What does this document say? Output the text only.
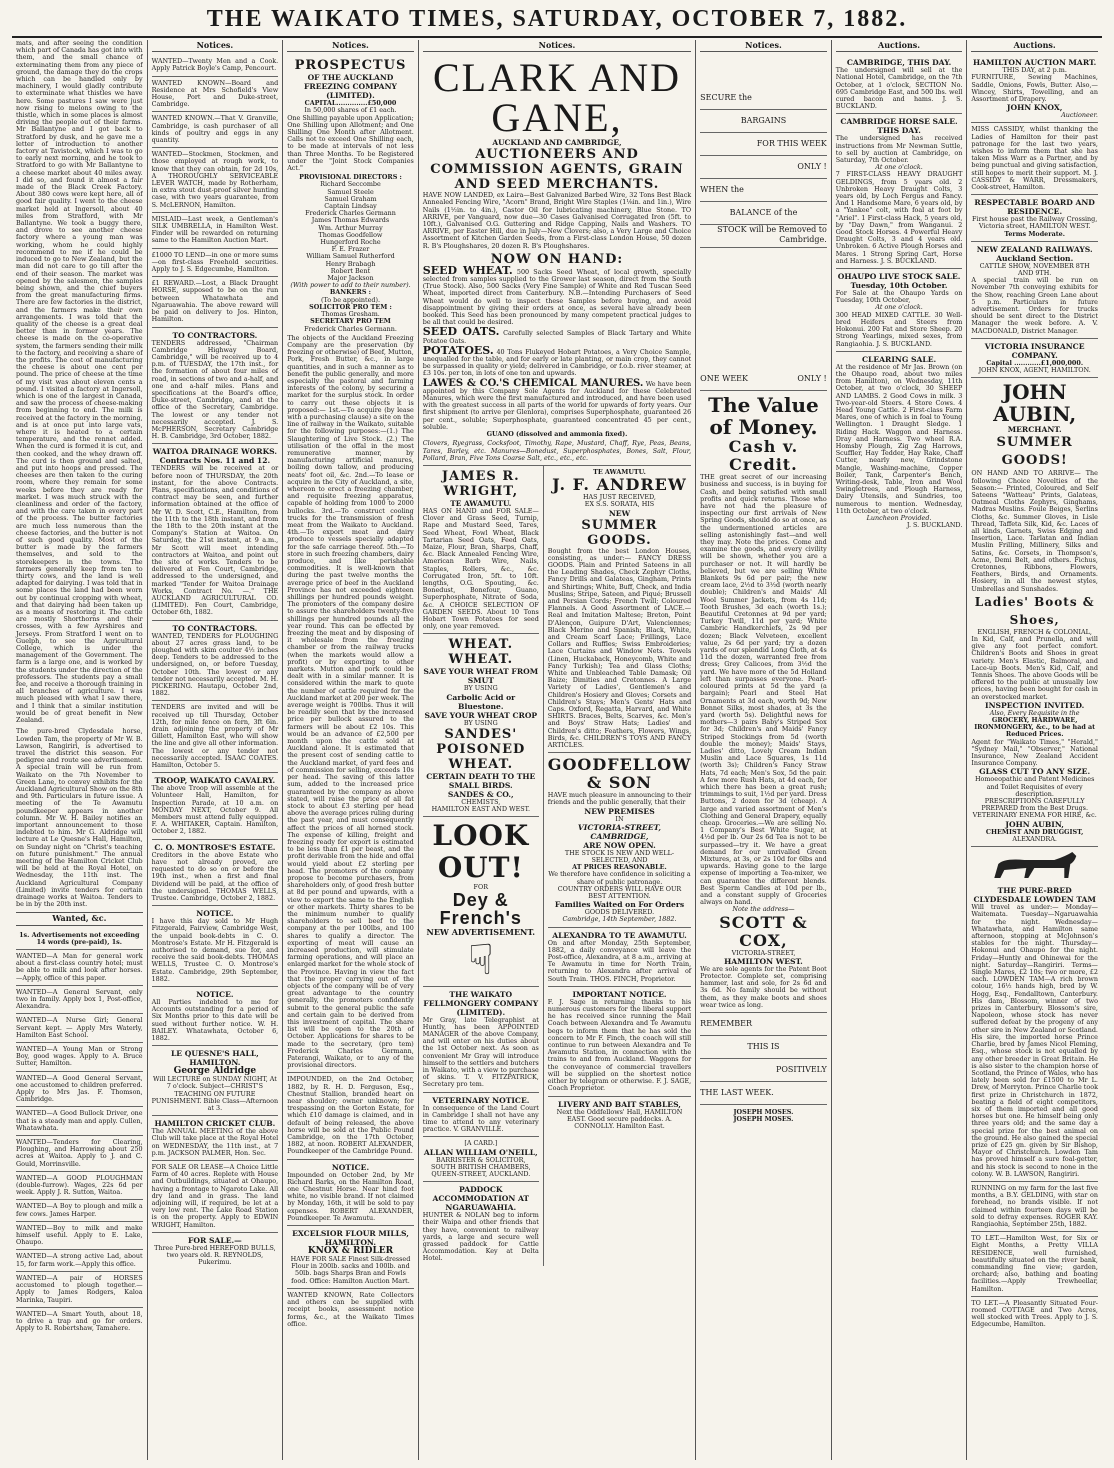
THE WAIKATO TIMES, SATURDAY, OCTOBER 7, 1882.
mats, and after seeing the condition which part of Canada has got into with them, and the small chance of exterminating them from any piece of ground, the damage they do the crops which can be handled only by machinery, I would gladly contribute to exterminate what thistles we have here. Some pastures I saw were just now rising to melons owing to the thistle, which in some places is almost driving the people out of their farms. Mr Ballantyne and I got back to Stratford by dusk, and he gave me a letter of introduction to another factory at Tavistock, which I was to go to early next morning, and he took to Stratford to go with Mr Ballantyne to a cheese market about 40 miles away. I did so, and found it almost a fair made of the Black Creek Factory. About 380 cows were kept here, all of good fair quality. I went to the cheese market held at Ingersoll, about 40 miles from Stratford, with Mr Ballantyne. We took a buggy there, and drove to see another cheese factory where a young man was working, whom he could highly recommend to me if he could be induced to go to New Zealand, but the man did not care to go till after the end of their season. The market was opened by the salesmen, the samples being shown, and the chief buyers from the great manufacturing firms. There are few factories in the district, and the farmers make their own arrangements. I was told that the quality of the cheese is a great deal better than in former years. The cheese is made on the co-operative system, the farmers sending their milk to the factory, and receiving a share of the profits. The cost of manufacturing the cheese is about one cent per pound. The price of cheese at the time of my visit was about eleven cents a pound. I visited a factory at Ingersoll, which is one of the largest in Canada, and saw the process of cheese-making from beginning to end. The milk is received at the factory in the morning, and is at once put into large vats, where it is heated to a certain temperature, and the rennet added. When the curd is formed it is cut, and then cooked, and the whey drawn off. The curd is then ground and salted, and put into hoops and pressed. The cheeses are then taken to the curing room, where they remain for some weeks before they are ready for market. I was much struck with the cleanliness and order of the factory, and with the care taken in every part of the process. The butter factories are much less numerous than the cheese factories, and the butter is not of such good quality. Most of the butter is made by the farmers themselves, and sold to the storekeepers in the towns. The farmers generally keep from ten to thirty cows, and the land is well adapted for dairying. I was told that in some places the land had been worn out by continual cropping with wheat, and that dairying had been taken up as a means of restoring it. The cattle are mostly Shorthorns and their crosses, with a few Ayrshires and Jerseys. From Stratford I went on to Guelph, to see the Agricultural College, which is under the management of the Government. The farm is a large one, and is worked by the students under the direction of the professors. The students pay a small fee, and receive a thorough training in all branches of agriculture. I was much pleased with what I saw there, and I think that a similar institution would be of great benefit in New Zealand.
The pure-bred Clydesdale horse, Lowden Tam, the property of Mr W. B. Lawson, Rangiriri, is advertised to travel the district this season. For pedigree and route see advertisement. A special train will be run from Waikato on the 7th November to Green Lane, to convey exhibits for the Auckland Agricultural Show on the 8th and 9th. Particulars in future issue. A meeting of the Te Awamutu poundkeeper appears in another column. Mr W. H. Bailey notifies an important announcement to those indebted to him. Mr G. Aldridge will lecture at Le Quesne's Hall, Hamilton, on Sunday night on "Christ's teaching on future punishment." The annual meeting of the Hamilton Cricket Club will be held at the Royal Hotel, on Wednesday, the 11th inst. The Auckland Agricultural Company (Limited) invite tenders for certain drainage works at Waitoa. Tenders to be in by the 20th inst.
Wanted, &c.
1s. Advertisements not exceeding 14 words (pre-paid), 1s.
WANTED—A Man for general work about a first-class country hotel; must be able to milk and look after horses.—Apply, office of this paper.
WANTED—A General Servant, only two in family. Apply box 1, Post-office, Alexandra.
WANTED—A Nurse Girl; General Servant kept. — Apply Mrs Waterly, Hamilton East School.
WANTED—A Young Man or Strong Boy, good wages. Apply to A. Bruce Sutter, Hamilton.
WANTED—A Good General Servant, one accustomed to children preferred. Apply to Mrs Jas. F. Thomson, Cambridge.
WANTED—A Good Bullock Driver, one that is a steady man and apply. Cullen, Whatawhata.
WANTED—Tenders for Clearing, Ploughing, and Harrowing about 250 acres at Waitoa. Apply to J. and C. Gould, Morrinsville.
WANTED—A GOOD PLOUGHMAN (double-furrow). Wages, 22s 6d per week. Apply J. R. Sutton, Waitoa.
WANTED—A Boy to plough and milk a few cows. James Harper.
WANTED—Boy to milk and make himself useful. Apply to E. Lake, Ohaupo.
WANTED—A strong active Lad, about 15, for farm work.—Apply this office.
WANTED—A pair of HORSES accustomed to plough together.—Apply to James Rodgers, Kaloa Marinka, Taupiri.
WANTED—A Smart Youth, about 18, to drive a trap and go for orders. Apply to R. Robertshaw, Tamahere.
Notices.
WANTED—Twenty Men and a Cook. Apply Patrick Boyle's Camp, Pencourt.
WANTED KNOWN—Board and Residence at Mrs Schofield's View House, Port and Duke-street, Cambridge.
WANTED KNOWN.—That V. Granville, Cambridge, is cash purchaser of all kinds of poultry and eggs in any quantity.
WANTED—Stockmen, Stockmen, and those employed at rough work, to know that they can obtain, for 2d 10s, A THOROUGHLY SERVICEABLE LEVER WATCH, made by Rotherham, in extra stout dust-proof silver hunting case, with two years guarantee, from S. McLERNON, Hamilton.
MISLAID—Last week, a Gentleman's SILK UMBRELLA, in Hamilton West. Finder will be rewarded on returning same to the Hamilton Auction Mart.
£1000 TO LEND—in one or more sums—on first-class Freehold securities. Apply to J. S. Edgecumbe, Hamilton.
£1 REWARD.—Lost, a Black Draught HORSE, supposed to be on the run between Whatawhata and Ngaruawahia. The above reward will be paid on delivery to Jos. Hinton, Hamilton.
TO CONTRACTORS.
TENDERS addressed, "Chairman Cambridge Highway Board, Cambridge," will be received up to 4 p.m. of TUESDAY, the 17th inst., for the formation of about four miles of road, in sections of two and a-half, and one and a-half miles. Plans and specifications at the Board's office, Duke-street, Cambridge, and at the office of the Secretary, Cambridge. The lowest or any tender not necessarily accepted. J. S. McPHERSON, Secretary Cambridge H. B. Cambridge, 3rd October, 1882.
WAITOA DRAINAGE WORKS.
Contracts Nos. 11 and 12.
TENDERS will be received at or before noon of THURSDAY, the 20th instant, for the above Contracts. Plans, specifications, and conditions of contract may be seen, and further information obtained at the office of Mr W. D. Scott, C.E., Hamilton, from the 11th to the 18th instant, and from the 18th to the 20th instant at the Company's Station at Waitoa. On Saturday, the 21st instant, at 9 a.m., Mr Scott will meet intending contractors at Waitoa, and point out the site of works. Tenders to be delivered at Fen Court, Cambridge, addressed to the undersigned, and marked "Tender for Waitoa Drainage Works, Contract No. —." THE AUCKLAND AGRICULTURAL CO. (LIMITED). Fen Court, Cambridge, October 6th, 1882.
TO CONTRACTORS.
WANTED, TENDERS for PLOUGHING about 27 acres grass land, to be ploughed with skim coulter 4½ inches deep. Tenders to be addressed to the undersigned, on, or before Tuesday, October 10th. The lowest or any tender not necessarily accepted. M. H. PICKERING. Hautapu, October 2nd, 1882.
TENDERS are invited and will be received up till Thursday, October 12th, for mile fence on fern, 3ft 6in. drain adjoining the property of Mr Gillett, Hamilton East, who will show the line and give all other information. The lowest or any tender not necessarily accepted. ISAAC COATES. Hamilton, October 5.
TROOP, WAIKATO CAVALRY.
The above Troop will assemble at the Volunteer Hall, Hamilton, for Inspection Parade, at 10 a.m. on MONDAY NEXT, October 9. All Members must attend fully equipped. F. A. WHITAKER, Captain. Hamilton, October 2, 1882.
C. O. MONTROSE'S ESTATE.
Creditors in the above Estate who have not already proved, are requested to do so on or before the 19th inst., when a first and final Dividend will be paid, at the office of the undersigned. THOMAS WELLS, Trustee. Cambridge, October 2, 1882.
NOTICE.
I have this day sold to Mr Hugh Fitzgerald, Fairview, Cambridge West, the unpaid book-debts in C. O. Montrose's Estate. Mr H. Fitzgerald is authorised to demand, sue for, and receive the said book-debts. THOMAS WELLS, Trustee C. O. Montrose's Estate. Cambridge, 29th September, 1882.
NOTICE.
All Parties indebted to me for Accounts outstanding for a period of Six Months prior to this date will be sued without further notice. W. H. BAILEY. Whatawhata, October 6, 1882.
LE QUESNE'S HALL, HAMILTON.
George Aldridge
Will LECTURE on SUNDAY NIGHT, At 7 o'clock. Subject—CHRIST'S TEACHING ON FUTURE PUNISHMENT. Bible Class—Afternoon at 3.
HAMILTON CRICKET CLUB.
The ANNUAL MEETING of the above Club will take place at the Royal Hotel on WEDNESDAY, the 11th inst., at 7 p.m. JACKSON PALMER, Hon. Sec.
FOR SALE OR LEASE—A Choice Little Farm of 40 acres. Replete with House and Outbuildings, situated at Ohaupo, having a frontage to Ngaroto Lake. All dry land and in grass. The land adjoining will, if required, be let at a very low rent. The Lake Road Station is on the property. Apply to EDWIN WRIGHT, Hamilton.
FOR SALE.—
Three Pure-bred HEREFORD BULLS, two years old. R. REYNOLDS, Pukerimu.
Notices.
PROSPECTUS
OF THE AUCKLAND FREEZING COMPANY (LIMITED).
CAPITAL..............£50,000
In 50,000 shares of £1 each.
One Shilling payable upon Application; One Shilling upon Allotment; and One Shilling One Month after Allotment. Calls not to exceed One Shilling each, to be made at intervals of not less than Three Months. To be Registered under the "Joint Stock Companies Act."
PROVISIONAL DIRECTORS :
Richard Seccombe
Samuel Steele
Samuel Graham
Captain Lindsay
Frederick Charles Germann
James Thomas Edwards
Wm. Arthur Murray
Thomas Goodfellow
Hungerford Roche
F. E. Frazer
William Samuel Rutherford
Henry Brabagh
Robert Bent
Major Jackson
(With power to add to their number).
BANKERS :
(To be appointed).
SOLICITOR PRO TEM :
Thomas Gresham.
SECRETARY PRO TEM
Frederick Charles Germann.
The objects of the Auckland Freezing Company are the preservation (by freezing or otherwise) of Beef, Mutton, Pork, Fresh Butter, &c., in large quantities, and in such a manner as to benefit the public generally, and more especially the pastoral and farming interests of the colony, by securing a market for the surplus stock. In order to carry out these objects it is proposed:— 1st.—To acquire (by lease with a purchasing clause) a site on the line of railway in the Waikato, suitable for the following purposes:—(1.) The Slaughtering of Live Stock. (2.) The utilisation of the offal in the most remunerative manner, by manufacturing artificial manures, boiling down tallow, and producing neats' foot oil, &c. 2nd.—To lease or acquire in the City of Auckland, a site, whereon to erect a freezing chamber, and requisite freezing apparatus, capable of holding from 1000 to 2000 bullocks. 3rd.—To construct cooling trucks for the transmission of fresh meat from the Waikato to Auckland. 4th.—To export meat and dairy produce to vessels specially adapted for the safe carriage thereof. 5th.—To store in such freezing chambers, dairy produce, and like perishable commodities. It is well-known that during the past twelve months the average price of beef in the Auckland Province has not exceeded eighteen shillings per hundred pounds weight. The promoters of the company desire to assure the shareholders twenty-five shillings per hundred pounds all the year round. This can be effected by freezing the meat and by disposing of it wholesale from the freezing chamber or from the railway trucks (when the markets would allow a profit) or by exporting to other markets. Mutton and pork could be dealt with in a similar manner. It is considered within the mark to quote the number of cattle required for the Auckland market at 200 per week. The average weight is 700lbs. Thus it will be readily seen that by the increased price per bullock assured to the farmers will be about £2 10s. This would be an advance of £2,500 per month upon the cattle sold at Auckland alone. It is estimated that the present cost of sending cattle to the Auckland market, of yard fees and of commission for selling, exceeds 10s per head. The saving of this latter sum, added to the increased price guaranteed by the company as above stated, will raise the price of all fat stock to about £3 sterling per head above the average prices ruling during the past year, and must consequently affect the prices of all horned stock. The expense of killing, freight and freezing ready for export is estimated to be less than £1 per beast, and the profit derivable from the hide and offal would yield about £2 sterling per head. The promoters of the company propose to become purchasers, from shareholders only, of good fresh butter at 8d per pound and upwards, with a view to export the same to the English or other markets. Thirty shares to be the minimum number to qualify shareholders to sell beef to the company at the per 100lbs, and 100 shares to qualify a director. The exporting of meat will cause an increased production, will stimulate farming operations, and will place an enlarged market for the whole stock of the Province. Having in view the fact that the proper carrying out of the objects of the company will be of very great advantage to the country generally, the promoters confidently submit to the general public the safe and certain gain to be derived from this investment of capital. The share list will be open to the 20th of October. Applications for shares to be made to the secretary, (pro tem) Frederick Charles Germann, Paterangi, Waikato, or to any of the provisional directors.
IMPOUNDED, on the 2nd October, 1882, by R. H. D. Ferguson, Esq., Chestnut Stallion, branded heart on near shoulder; owner unknown; for trespassing on the Gorton Estate, for which £10 damage is claimed, and in default of being released, the above horse will be sold at the Public Pound Cambridge, on the 17th October, 1882, at noon. ROBERT ALEXANDER, Poundkeeper of the Cambridge Pound.
NOTICE.
Impounded on October 2nd, by Mr Richard Barks, on the Hamilton Road, one Chestnut Horse. Near hind foot white, no visible brand. If not claimed by Monday, 16th, it will be sold to pay expenses. ROBERT ALEXANDER, Poundkeeper. Te Awamutu.
EXCELSIOR FLOUR MILLS, HAMILTON.
KNOX & RIDLER
HAVE FOR SALE Finest Silk-dressed Flour in 200lb. sacks and 100lb. and 50lb. bags Sharps Bran and Fowls food. Office: Hamilton Auction Mart.
WANTED KNOWN, Rate Collectors and others can be supplied with receipt books, assessment notice forms, &c., at the Waikato Times office.
Notices.
CLARK AND GANE,
AUCKLAND AND CAMBRIDGE,
AUCTIONEERS AND COMMISSION AGENTS, GRAIN AND SEED MERCHANTS.
HAVE NOW LANDED, ex Laira—Best Galvanized Barbed Wire, 32 Tons Best Black Annealed Fencing Wire, "Acorn" Brand, Bright Wire Staples (1⅛in. and 1in.), Wire Nails (1½in. to 4in.), Castor Oil for lubricating machinery, Blue Stone. TO ARRIVE, per Vanguard, now due—30 Cases Galvanised Corrugated Iron (5ft. to 10ft.), Galvanised O.G. Guttering and Ridge Capping, Nails and Washers. TO ARRIVE, per Easter Hill, due in July—New Clovers; also, a Very Large and Choice Assortment of Kitchen Garden Seeds, from a First-class London House, 50 dozen R. B's Ploughshares, 20 dozen R. B's Ploughshares.
NOW ON HAND:
SEED WHEAT. 500 Sacks Seed Wheat, of local growth, specially selected from samples supplied to the Grower last season, direct from the South (True Stock). Also, 500 Sacks (Very Fine Sample) of White and Red Tuscan Seed Wheat, imported direct from Canterbury. N.B.—Intending Purchasers of Seed Wheat would do well to inspect these Samples before buying, and avoid disappointment by giving their orders at once, as several have already been booked. This Seed has been pronounced by many competent practical judges to be all that could be desired.
SEED OATS. Carefully selected Samples of Black Tartary and White Potatoe Oats.
POTATOES. 40 Tons Flukeyed Hobart Potatoes, a Very Choice Sample, unequalled for the table, and for early or late planting, or main crop, they cannot be surpassed in quality or yield; delivered in Cambridge, or f.o.b. river steamer, at £3 10s. per ton, in lots of one ton and upwards.
LAWES & CO.'S CHEMICAL MANURES. We have been appointed by this Company Sole Agents for Auckland for these Celebrated Manures, which were the first manufactured and introduced, and have been used with the greatest success in all parts of the world for upwards of forty years. Our first shipment (to arrive per Glenlora), comprises Superphosphate, guaranteed 26 per cent., soluble; Superphosphate, guaranteed concentrated 45 per cent., soluble.
GUANO (dissolved and ammonia fixed).
Clovers, Ryegrass, Cocksfoot, Timothy, Rape, Mustard, Chaff, Rye, Peas, Beans, Tares, Barley, etc. Manures—Bonedust, Superphosphates, Bones, Salt, Flour, Pollard, Bran, Five Tons Coarse Salt, etc., etc., etc.
JAMES R. WRIGHT,
TE AWAMUTU.
HAS ON HAND and FOR SALE— Clover and Grass Seed, Turnip, Rape and Mustard Seed, Tares, Seed Wheat, Fowl Wheat, Black Tartarian Seed Oats, Feed Oats, Maize, Flour, Bran, Sharps, Chaff, &c. Black Annealed Fencing Wire, American Barb Wire, Nails, Staples, Rollers, &c., &c. Corrugated Iron, 5ft. to 10ft. lengths, O.G. Spouting, &c. Bonedust, Bonefour, Guano, Superphosphate, Nitrate of Soda, &c. A CHOICE SELECTION OF GARDEN SEEDS. About 10 Tons Hobart Town Potatoes for seed only, one year removed.
WHEAT. WHEAT.
SAVE YOUR WHEAT FROM SMUT
BY USING
Carbolic Acid or Bluestone.
SAVE YOUR WHEAT CROP
BY USING
SANDES'
POISONED WHEAT.
CERTAIN DEATH TO THE SMALL BIRDS.
SANDES & CO.,
CHEMISTS,
HAMILTON EAST AND WEST.
LOOK OUT!
FOR
Dey & French's
NEW ADVERTISEMENT.
☟
THE WAIKATO FELLMONGERY COMPANY (LIMITED).
Mr Gray, late Telegraphist at Huntly, has been APPOINTED MANAGER of the above Company, and will enter on his duties about the 1st October next. As soon as convenient Mr Gray will introduce himself to the settlers and butchers in Waikato, with a view to purchase of skins. T. V. FITZPATRICK, Secretary pro tem.
VETERINARY NOTICE.
In consequence of the Land Court in Cambridge I shall not have any time to attend to any veterinary practice. V. GRANVILLE.
[A CARD.]
ALLAN WILLIAM O'NEILL,
BARRISTER & SOLICITOR,
SOUTH BRITISH CHAMBERS,
QUEEN-STREET, AUCKLAND.
PADDOCK ACCOMMODATION AT NGARUAWAHIA.
HUNTER & NOLAN beg to inform their Waipa and other friends that they have, convenient to railway yards, a large and secure well grassed paddock for Cattle Accommodation. Key at Delta Hotel.
TE AWAMUTU.
J. F. ANDREW
HAS JUST RECEIVED,
EX S.S. SORATA, HIS
NEW
SUMMER GOODS.
Bought from the best London Houses, consisting, as under:— FANCY DRESS GOODS. Plain and Printed Sateens in all the Leading Shades, Check Zephyr Cloths, Fancy Drills and Galateas, Gingham, Prints and Shirtings; White, Buff, Check, and India Muslins; Stripe, Sateen, and Piqué; Brussell and Persian Cords; French Twill; Coloured Flannels. A Good Assortment of LACE.—Real and Imitation Maltese; Breton, Point D'Alençon, Guipure D'Art, Valenciennes; Black Merino and Spanish; Black, White, and Cream Scarf Lace; Frillings, Lace Collars and Ruffles; Swiss Embroideries; Lace Curtains and Window Nets. Towels (Linen, Huckaback, Honeycomb, White and Fancy Turkish); Tea and Glass Cloths; White and Unbleached Table Damask; Oil Baize; Dimities and Cretonnes. A Large Variety of Ladies', Gentlemen's and Children's Hosiery and Gloves; Corsets and Children's Stays; Men's Gents' Hats and Caps. Oxford, Regatta, Harvard, and White SHIRTS. Braces, Belts, Scarves, &c. Men's and Boys' Straw Hats; Ladies' and Children's ditto; Feathers, Flowers, Wings, Birds, &c. CHILDREN'S TOYS AND FANCY ARTICLES.
GOODFELLOW & SON
HAVE much pleasure in announcing to their friends and the public generally, that their
NEW PREMISES
IN
VICTORIA-STREET, CAMBRIDGE,
ARE NOW OPEN.
THE STOCK IS NEW AND WELL-SELECTED, AND
AT PRICES REASONABLE.
We therefore have confidence in soliciting a share of public patronage.
COUNTRY ORDERS WILL HAVE OUR BEST ATTENTION.
Families Waited on For Orders
GOODS DELIVERED.
Cambridge, 14th September, 1882.
ALEXANDRA TO TE AWAMUTU.
On and after Monday, 25th September, 1882, a daily conveyance will leave the Post-office, Alexandra, at 8 a.m., arriving at Te Awamutu in time for North Train, returning to Alexandra after arrival of South Train. THOS. FINCH, Proprietor.
IMPORTANT NOTICE.
F. J. Sage in returning thanks to his numerous customers for the liberal support he has received since running the Mail Coach between Alexandra and Te Awamutu begs to inform them that he has sold the concern to Mr F. Finch, the coach will still continue to run between Alexandra and Te Awamutu Station, in connection with the trains to and from Auckland. Waggons for the conveyance of commercial travellers will be supplied on the shortest notice either by telegram or otherwise. F. J. SAGE, Coach Proprietor.
LIVERY AND BAIT STABLES,
Next the Oddfellows' Hall, HAMILTON EAST. Good secure paddocks. A. CONNOLLY. Hamilton East.
Notices.
SECURE the
BARGAINS
FOR THIS WEEK
ONLY !
WHEN the
BALANCE of the
STOCK will be Removed to Cambridge.
ONE WEEK	ONLY !
The Value of Money.
Cash v. Credit.
THE great secret of our increasing business and success, is in buying for Cash, and being satisfied with small profits and quick returns. Those who have not had the pleasure of inspecting our first arrivals of New Spring Goods, should do so at once, as the undermentioned articles are selling astonishingly fast—and well they may. Note the prices. Come and examine the goods, and every civility will be shown, whether you are a purchaser or not. It will hardly be believed, but we are selling White Blankets 9s 6d per pair; the new cream lace, 2½d to 3½d (worth nearly double); Children's and Maids' All Wool Summer Jackets, from 4s 11d; Tooth Brushes, 3d each (worth 1s.); Beautiful Cretonnes at 9d per yard; Turkey Twill, 11d per yard; White Cambric Handkerchiefs, 2s 9d per dozen; Black Velveteen, excellent value, 2s 6d per yard; try a dozen yards of our splendid Long Cloth, at 4s 11d the dozen, warranted free from dress; Grey Calicoes, from 3½d the yard. We have more of the 5d Holland left than surpasses everyone. Pearl-coloured prints at 5d the yard (a bargain); Pearl and Steel Hat Ornaments at 3d each, worth 9d; New Bonnet Silks, most shades, at 3s the yard (worth 5s). Delightful news for mothers—3 pairs Baby's Striped Sox for 3d; Children's and Maids' Fancy Striped Stockings from 5d (worth double the money); Maids' Stays, Ladies' ditto, Lovely Cream Indian Muslin and Lace Squares, 1s 11d (worth 3s); Children's Fancy Straw Hats, 7d each; Men's Sox, 5d the pair. A few more Rush Hats, at 4d each, for which there has been a great rush; trimmings to suit, 1½d per yard. Dress Buttons, 2 dozen for 3d (cheap). A large and varied assortment of Men's Clothing and General Drapery, equally cheap. Groceries.—We are selling No. 1 Company's Best White Sugar, at 4½d per lb. Our 2s 6d Tea is not to be surpassed—try it. We have a great demand for our unrivalled Green Mixtures, at 3s, or 2s 10d for 6lbs and upwards. Having gone to the large expense of importing a Tea-mixer, we can guarantee the different blends. Best Sperm Candles at 10d per lb., and a constant supply of Groceries always on hand.
Note the address—
SCOTT & COX,
VICTORIA-STREET,
HAMILTON WEST.
We are sole agents for the Patent Boot Protector. Complete set, comprising hammer, last and sole, for 2s 6d and 3s 6d. No family should be without them, as they make boots and shoes wear twice as long.
REMEMBER
THIS IS
POSITIVELY
THE LAST WEEK.
JOSEPH MOSES.
JOSEPH MOSES.
Auctions.
CAMBRIDGE, THIS DAY.
The undersigned will sell at the National Hotel, Cambridge, on the 7th October, at 1 o'clock, SECTION No. 695 Cambridge East, and 500 lbs. well cured bacon and hams. J. S. BUCKLAND.
CAMBRIDGE HORSE SALE.
THIS DAY.
The undersigned has received instructions from Mr Newman Suttle, to sell by auction at Cambridge, on Saturday, 7th October.
At one o'clock.
7 FIRST-CLASS HEAVY DRAUGHT GELDINGS, from 5 years old. 2 Unbroken Heavy Draught Colts, 3 years old, by Loch Fergus and Fancy. And 1 Handsome Mare, 6 years old, by a "Yankee" colt, with foal at foot by "Ariel". 1 First-class Hack, 5 years old, by "Day Dawn," from Wanganui. 2 Good Stock Horses. 4 Powerful Heavy Draught Colts, 3 and 4 years old. Unbroken. 6 Active Plough Horses and Mares. 1 Strong Spring Cart, Horse and Harness. J. S. BUCKLAND.
OHAUPO LIVE STOCK SALE.
Tuesday, 10th October.
For Sale at the Ohaupo Yards on Tuesday, 10th October,
At one o'clock.
300 HEAD MIXED CATTLE. 30 Well-bred Heifers and Steers from Hokonui. 200 Fat and Store Sheep. 20 Strong Yearlings, mixed sexes, from Rangiaohia. J. S. BUCKLAND.
CLEARING SALE.
At the residence of Mr Jas. Brown (on the Ohaupo road, about two miles from Hamilton), on Wednesday, 11th October, at two o'clock, 30 SHEEP AND LAMBS. 2 Good Cows in milk. 3 Two-year-old Steers. 4 Store Cows. 4 Head Young Cattle. 2 First-class Farm Mares, one of which is in foal to Young Wellington. 1 Draught Sledge. 1 Riding Hack. Waggon and Harness. Dray and Harness. Two wheel R.A. Homsby Plough, Zig Zag Harrows, Scuffler, Hay Tedder, Hay Rake, Chaff Cutter, nearly new, Grindstone Mangle, Washing-machine, Copper Boiler, Tank, Carpenter's Bench, Writing-desk, Table, Iron and Wool Swingletrees, and Plough Harness, Dairy Utensils, and Sundries, too numerous to mention. Wednesday, 11th October, at two o'clock.
Luncheon Provided.
J. S. BUCKLAND.
Auctions.
HAMILTON AUCTION MART.
THIS DAY, at 2 p.m.
FURNITURE, Sewing Machines, Saddle, Onions, Fowls, Butter. Also,— Wincey, Shirts, Towelling, and an Assortment of Drapery.
JOHN KNOX,
Auctioneer.
MISS CASSIDY, whilst thanking the Ladies of Hamilton for their past patronage for the last two years, wishes to inform them that she has taken Miss Warr as a Partner, and by being punctual and giving satisfaction, still hopes to merit their support. M. J. CASSIDY & WARR, Dressmakers, Cook-street, Hamilton.
RESPECTABLE BOARD AND RESIDENCE.
First house past the Railway Crossing, Victoria street, HAMILTON WEST.
Terms Moderate.
NEW ZEALAND RAILWAYS.
Auckland Section.
CATTLE SHOW, NOVEMBER 8TH AND 9TH.
A special train will be run on November 7th conveying exhibits for the Show, reaching Green Lane about 5 p.m. Particulars in future advertisement. Orders for trucks should be sent direct to the District Manager the week before. A. V. MACDONALD, District Manager.
VICTORIA INSURANCE COMPANY.
Capital ............£1,000,000.
JOHN KNOX, AGENT, HAMILTON.
JOHN AUBIN,
MERCHANT.
SUMMER GOODS!
ON HAND AND TO ARRIVE— The following Choice Novelties of the Season:— Printed, Coloured, and Self Sateens "Watteau" Prints, Galateas, Oatmeal Cloths Zephyrs, Ginghams, Madras Muslins. Foule Beiges, Serlins Cloths, &c. Summer Gloves, in Lisle Thread, Taffeta Silk, Kid, &c. Laces of all kinds, Garnets, Swiss Edging and Insertion, Lace. Tarlatan and Indian Muslin Frilling, Millinery, Silks and Satins, &c. Corsets, in Thompson's, Acme, Demi Belt, and others. Fichus, Cretonnes, Ribbons, Flowers, Feathers, Birds, and Ornaments. Hosiery, in all the newest styles, Umbrellas and Sunshades.
Ladies' Boots & Shoes,
ENGLISH, FRENCH & COLONIAL,
In Kid, Calf, and Prunella, and will give any foot perfect comfort. Children's Boots and Shoes in great variety. Men's Elastic, Balmoral, and Lace-up Boots. Men's Kid, Calf, and Tennis Shoes. The above Goods will be offered to the public at unusually low prices, having been bought for cash in an overstocked market.
INSPECTION INVITED.
Also, Every Requisite in the
GROCERY, HARDWARE, IRONMONGERY, &c., to be had at Reduced Prices.
Agent for "Waikato Times," "Herald," "Sydney Mail," "Observer," National Insurance, New Zealand Accident Insurance Company.
GLASS CUT TO ANY SIZE.
Homoeopathic and Patent Medicines and Toilet Requisites of every description.
PRESCRIPTIONS CAREFULLY PREPARED from the Best Drugs. VETERINARY ENEMA FOR HIRE, &c.
JOHN AUBIN,
CHEMIST AND DRUGGIST,
ALEXANDRA.
THE PURE-BRED CLYDESDALE LOWDEN TAM
Will travel as under:— Monday—Waitemata. Tuesday—Ngaruawahia for the night. Wednesday—Whatawhata, and Hamilton same afternoon, stopping at McJohnson's stables for the night. Thursday—Hokonui and Ohaupo for the night. Friday—Huntly and Ohinewai for the night. Saturday—Rangiriri. Terms—Single Mares, £2 10s; two or more, £2 each. LOWDEN TAM—A rich brown colour, 16½ hands high, bred by W. Hogg, Esq., Fendalltown, Canterbury. His dam, Blossom, winner of two prizes in Canterbury. Blossom's sire, Napoleon, whose stock has never suffered defeat by the progeny of any other sire in New Zealand or Scotland. His sire, the imported horse Prince Charlie, bred by James Nicol Fleming, Esq., whose stock is not equalled by any other breeder in Great Britain. He is also sister to the champion horse of Scotland, the Prince of Wales, who has lately been sold for £1500 to Mr L. Drew, of Merryton. Prince Charlie took first prize in Christchurch in 1872, beating a field of eight competitors, six of them imported and all good horses but one. He himself being only three years old; and the same day a special prize for the best animal on the ground. He also gained the special prize of £25 gn. given by Sir Bishop, Mayor of Christchurch. Lowden Tam has proved himself a sure foal-getter, and his stock is second to none in the colony. W. B. LAWSON, Rangiriri.
RUNNING on my farm for the last five months, a B.Y. GELDING, with star on forehead, no brands visible. If not claimed within fourteen days will be sold to defray expenses. ROGER KAY. Rangiaohia, September 25th, 1882.
TO LET.—Hamilton West, for Six or Eight Months, a Pretty VILLA RESIDENCE, well furnished, beautifully situated on the river bank, commanding fine view; garden, orchard; also, bathing and boating facilities.—Apply Trewheellar, Hamilton.
TO LET.—A Pleasantly Situated Four-roomed COTTAGE and Two Acres, well stocked with Trees. Apply to J. S. Edgecumbe, Hamilton.
